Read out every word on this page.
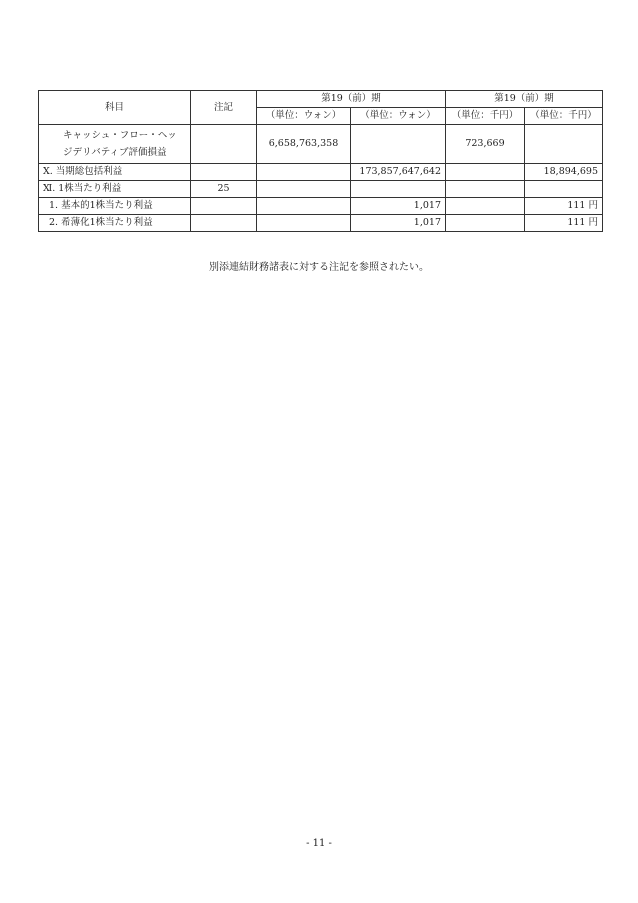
科目	注記	第19（前）期		第19（前）期	
		（単位：ウォン）	（単位：ウォン）	（単位：千円）	（単位：千円）
キャッシュ・フロー・ヘッジデリバティブ評価損益		6,658,763,358		723,669	
Ⅹ. 当期総包括利益			173,857,647,642		18,894,695
Ⅺ. 1株当たり利益	25				
1. 基本的1株当たり利益			1,017		111 円
2. 希薄化1株当たり利益			1,017		111 円
別添連結財務諸表に対する注記を参照されたい。
- 11 -
